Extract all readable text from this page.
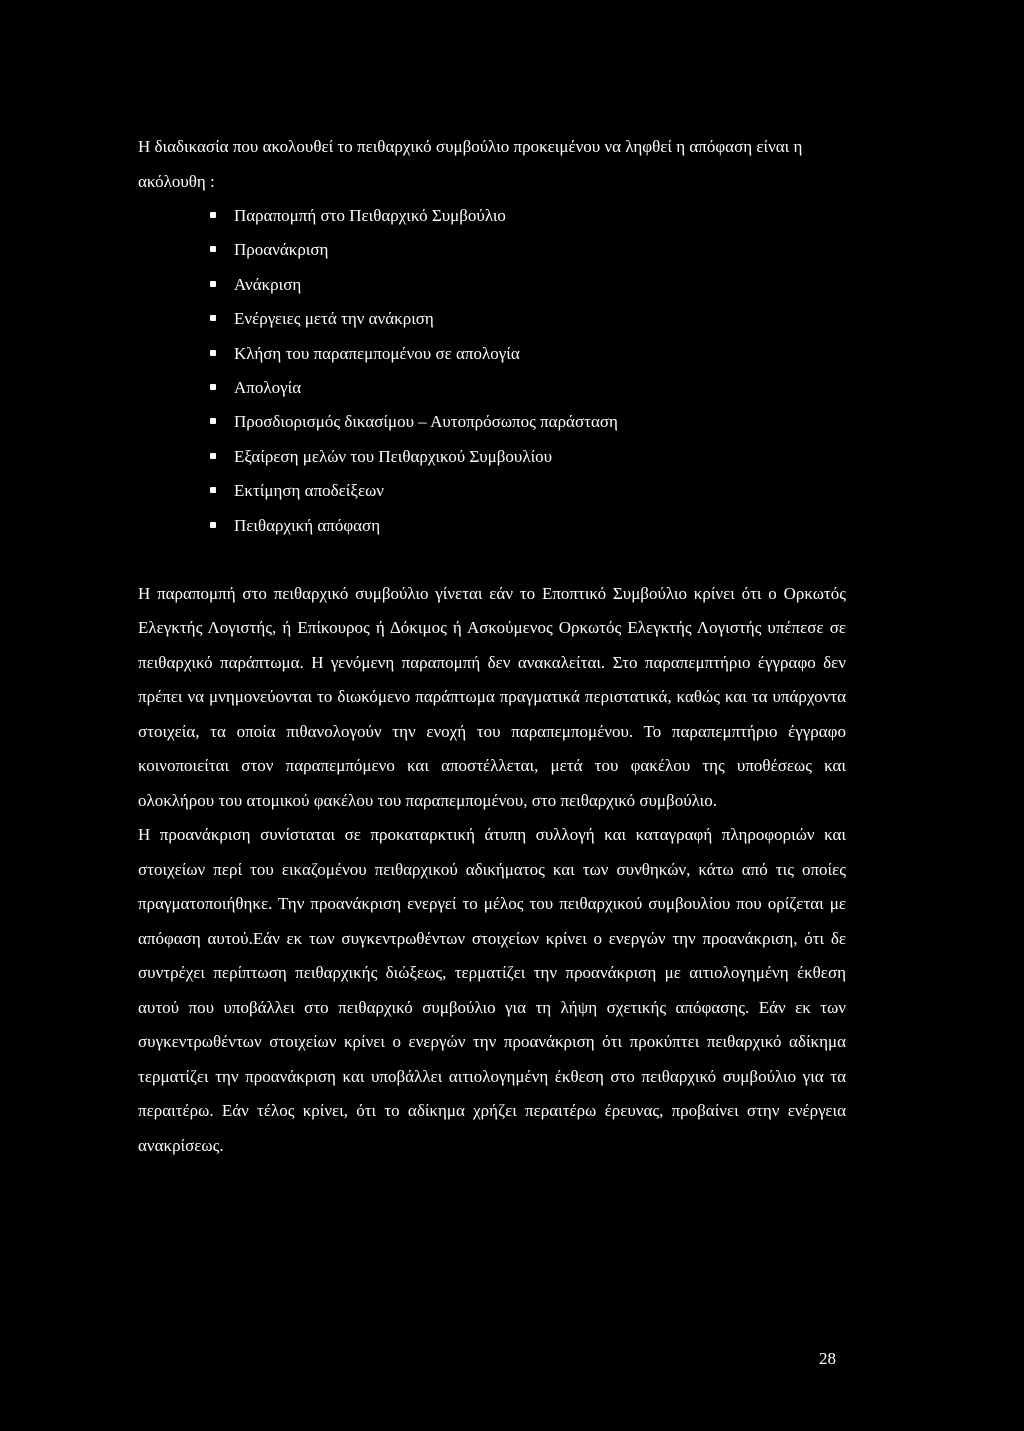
Η διαδικασία που ακολουθεί το πειθαρχικό συμβούλιο προκειμένου να ληφθεί η απόφαση είναι η ακόλουθη :

Παραπομπή στο Πειθαρχικό Συμβούλιο
Προανάκριση
Ανάκριση
Ενέργειες μετά την ανάκριση
Κλήση του παραπεμπομένου σε απολογία
Απολογία
Προσδιορισμός δικασίμου – Αυτοπρόσωπος παράσταση
Εξαίρεση μελών του Πειθαρχικού Συμβουλίου
Εκτίμηση αποδείξεων
Πειθαρχική απόφαση

Η παραπομπή στο πειθαρχικό συμβούλιο γίνεται εάν το Εποπτικό Συμβούλιο κρίνει ότι ο Ορκωτός Ελεγκτής Λογιστής, ή Επίκουρος ή Δόκιμος ή Ασκούμενος Ορκωτός Ελεγκτής Λογιστής υπέπεσε σε πειθαρχικό παράπτωμα. Η γενόμενη παραπομπή δεν ανακαλείται. Στο παραπεμπτήριο έγγραφο δεν πρέπει να μνημονεύονται το διωκόμενο παράπτωμα πραγματικά περιστατικά, καθώς και τα υπάρχοντα στοιχεία, τα οποία πιθανολογούν την ενοχή του παραπεμπομένου. Το παραπεμπτήριο έγγραφο κοινοποιείται στον παραπεμπόμενο και αποστέλλεται, μετά του φακέλου της υποθέσεως και ολοκλήρου του ατομικού φακέλου του παραπεμπομένου, στο πειθαρχικό συμβούλιο.

Η προανάκριση συνίσταται σε προκαταρκτική άτυπη συλλογή και καταγραφή πληροφοριών και στοιχείων περί του εικαζομένου πειθαρχικού αδικήματος και των συνθηκών, κάτω από τις οποίες πραγματοποιήθηκε. Την προανάκριση ενεργεί το μέλος του πειθαρχικού συμβουλίου που ορίζεται με απόφαση αυτού.Εάν εκ των συγκεντρωθέντων στοιχείων κρίνει ο ενεργών την προανάκριση, ότι δε συντρέχει περίπτωση πειθαρχικής διώξεως, τερματίζει την προανάκριση με αιτιολογημένη έκθεση αυτού που υποβάλλει στο πειθαρχικό συμβούλιο για τη λήψη σχετικής απόφασης. Εάν εκ των συγκεντρωθέντων στοιχείων κρίνει ο ενεργών την προανάκριση ότι προκύπτει πειθαρχικό αδίκημα τερματίζει την προανάκριση και υποβάλλει αιτιολογημένη έκθεση στο πειθαρχικό συμβούλιο για τα περαιτέρω. Εάν τέλος κρίνει, ότι το αδίκημα χρήζει περαιτέρω έρευνας, προβαίνει στην ενέργεια ανακρίσεως.

28
